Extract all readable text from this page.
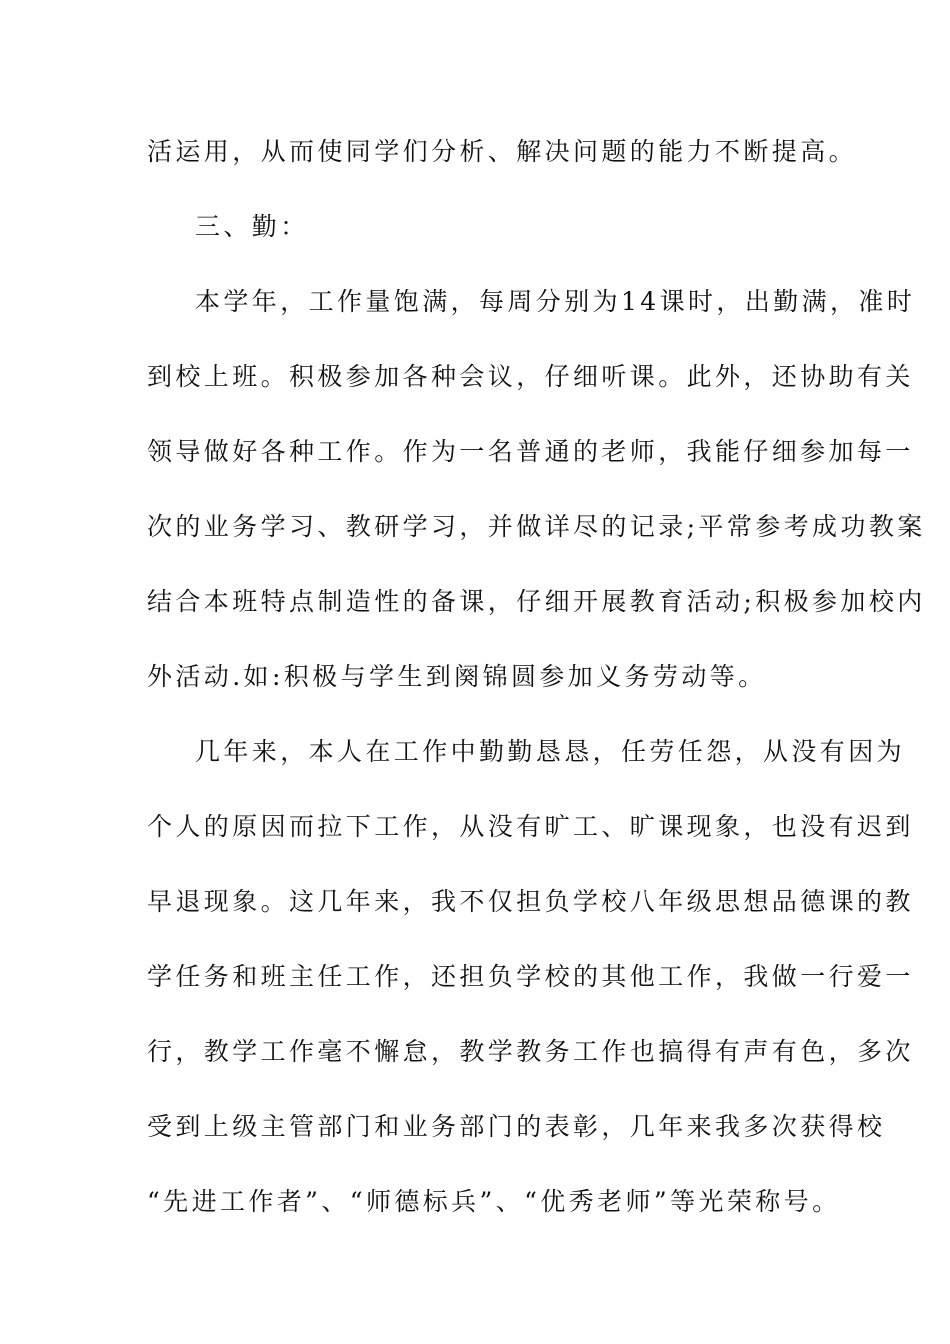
活运用，从而使同学们分析、解决问题的能力不断提高。

三、勤：

本学年，工作量饱满，每周分别为14课时，出勤满，准时

到校上班。积极参加各种会议，仔细听课。此外，还协助有关

领导做好各种工作。作为一名普通的老师，我能仔细参加每一

次的业务学习、教研学习，并做详尽的记录;平常参考成功教案

结合本班特点制造性的备课，仔细开展教育活动;积极参加校内

外活动.如:积极与学生到阕锦圆参加义务劳动等。

几年来，本人在工作中勤勤恳恳，任劳任怨，从没有因为

个人的原因而拉下工作，从没有旷工、旷课现象，也没有迟到

早退现象。这几年来，我不仅担负学校八年级思想品德课的教

学任务和班主任工作，还担负学校的其他工作，我做一行爱一

行，教学工作毫不懈怠，教学教务工作也搞得有声有色，多次

受到上级主管部门和业务部门的表彰，几年来我多次获得校

“先进工作者”、“师德标兵”、“优秀老师”等光荣称号。
